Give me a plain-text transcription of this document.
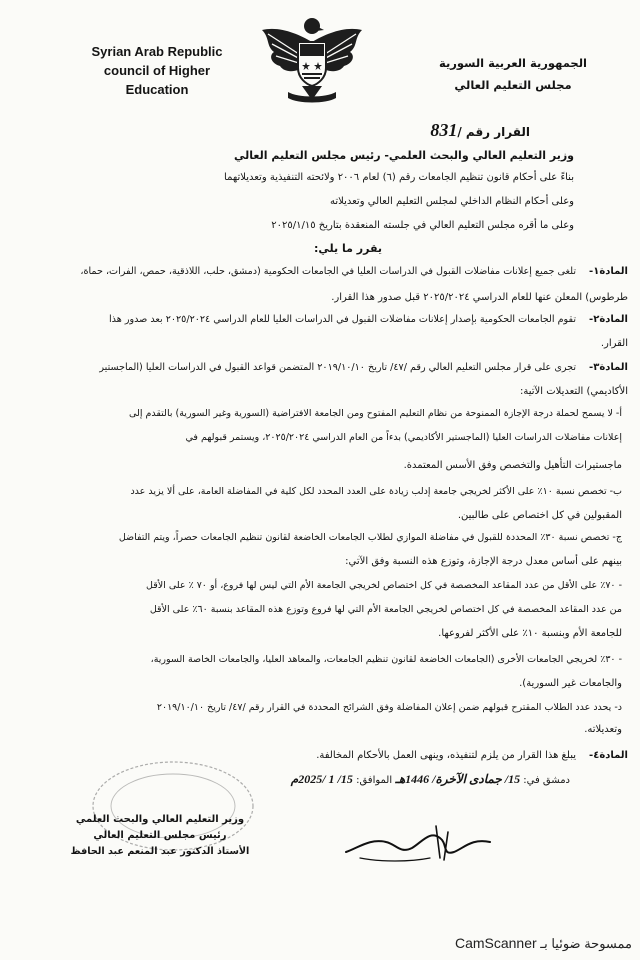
Syrian Arab Republic
council of Higher Education
الجمهورية العربية السورية
مجلس التعليم العالي
القرار رقم /831
وزير التعليم العالي والبحث العلمي- رئيس مجلس التعليم العالي
بناءً على أحكام قانون تنظيم الجامعات رقم (٦) لعام ٢٠٠٦ ولائحته التنفيذية وتعديلاتهما
وعلى أحكام النظام الداخلي لمجلس التعليم العالي وتعديلاته
وعلى ما أقره مجلس التعليم العالي في جلسته المنعقدة بتاريخ ٢٠٢٥/١/١٥
يقرر ما يلي:
المادة١-
تلغى جميع إعلانات مفاضلات القبول في الدراسات العليا في الجامعات الحكومية (دمشق، حلب، اللاذقية، حمص، الفرات، حماة،
طرطوس) المعلن عنها للعام الدراسي ٢٠٢٥/٢٠٢٤ قبل صدور هذا القرار.
المادة٢-
تقوم الجامعات الحكومية بإصدار إعلانات مفاضلات القبول في الدراسات العليا للعام الدراسي ٢٠٢٥/٢٠٢٤ بعد صدور هذا
القرار.
المادة٣-
تجرى على قرار مجلس التعليم العالي رقم /٤٧/ تاريخ ٢٠١٩/١٠/١٠ المتضمن قواعد القبول في الدراسات العليا (الماجستير
الأكاديمي) التعديلات الآتية:
أ- لا يسمح لحملة درجة الإجازة الممنوحة من نظام التعليم المفتوح ومن الجامعة الافتراضية (السورية وغير السورية) بالتقدم إلى
إعلانات مفاضلات الدراسات العليا (الماجستير الأكاديمي) بدءاً من العام الدراسي ٢٠٢٥/٢٠٢٤، ويستمر قبولهم في
ماجستيرات التأهيل والتخصص وفق الأسس المعتمدة.
ب- تخصص نسبة ١٠٪ على الأكثر لخريجي جامعة إدلب زيادة على العدد المحدد لكل كلية في المفاضلة العامة، على ألا يزيد عدد
المقبولين في كل اختصاص على طالبين.
ج- تخصص نسبة ٣٠٪ المحددة للقبول في مفاضلة الموازي لطلاب الجامعات الخاضعة لقانون تنظيم الجامعات حصراً، ويتم التفاضل
بينهم على أساس معدل درجة الإجازة، وتوزع هذه النسبة وفق الآتي:
- ٧٠٪ على الأقل من عدد المقاعد المخصصة في كل اختصاص لخريجي الجامعة الأم التي ليس لها فروع، أو ٧٠ ٪ على الأقل
من عدد المقاعد المخصصة في كل اختصاص لخريجي الجامعة الأم التي لها فروع وتوزع هذه المقاعد بنسبة ٦٠٪ على الأقل
للجامعة الأم وبنسبة ١٠٪ على الأكثر لفروعها.
- ٣٠٪ لخريجي الجامعات الأخرى (الجامعات الخاضعة لقانون تنظيم الجامعات، والمعاهد العليا، والجامعات الخاصة السورية،
والجامعات غير السورية).
د- يحدد عدد الطلاب المقترح قبولهم ضمن إعلان المفاضلة وفق الشرائح المحددة في القرار رقم /٤٧/ تاريخ ٢٠١٩/١٠/١٠
وتعديلاته.
المادة٤-
يبلغ هذا القرار من يلزم لتنفيذه، وينهى العمل بالأحكام المخالفة.
دمشق في: 15/ جمادى الآخرة/ 1446هـ الموافق: 15/ 1 /2025م
وزير التعليم العالي والبحث العلمي
رئيس مجلس التعليم العالي
الأستاذ الدكتور عبد المنعم عبد الحافظ
ممسوحة ضوئيا بـ CamScanner
